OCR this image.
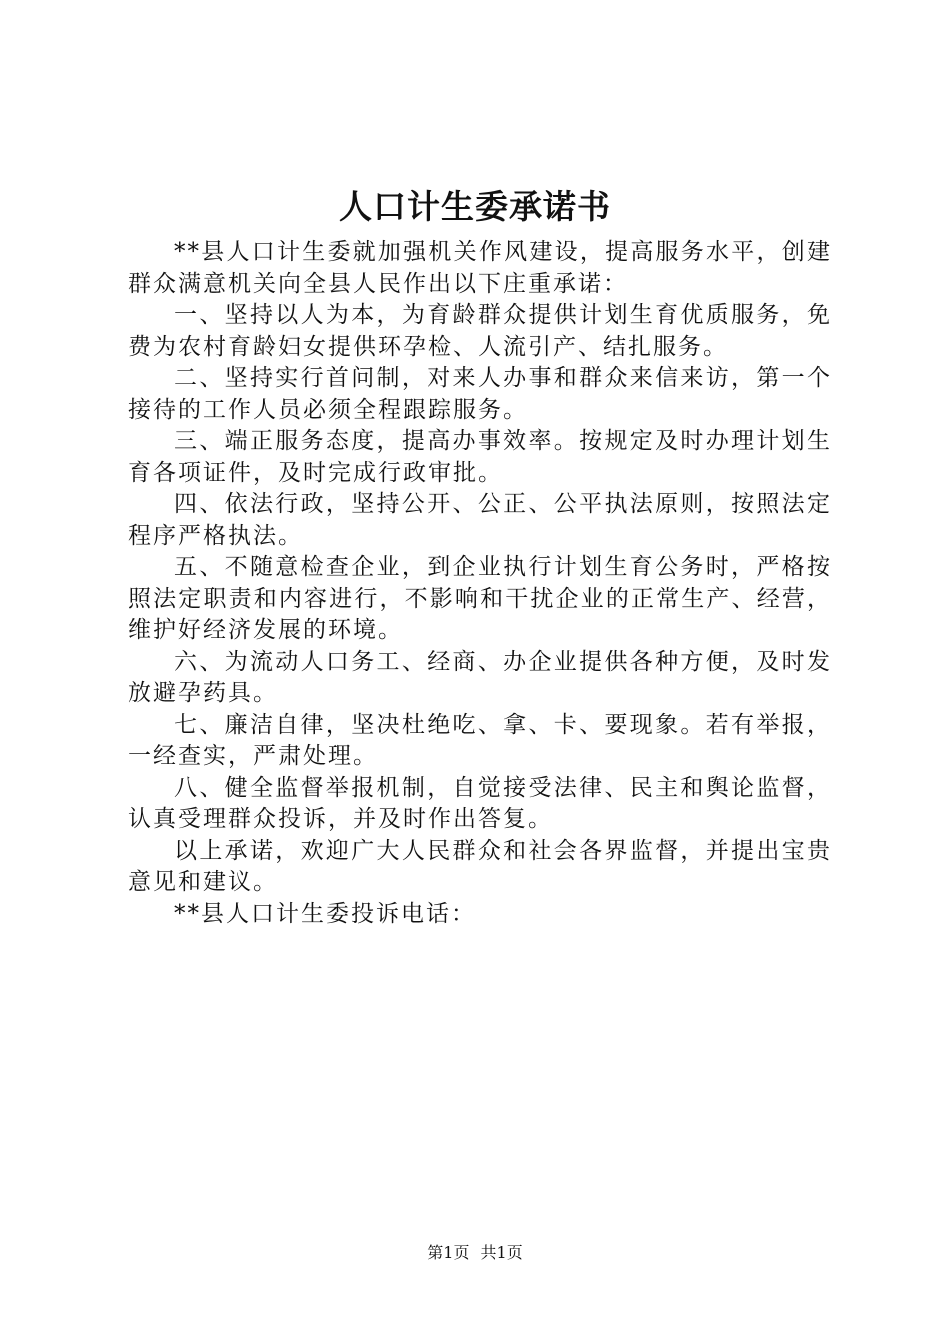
人口计生委承诺书

**县人口计生委就加强机关作风建设，提高服务水平，创建群众满意机关向全县人民作出以下庄重承诺：

一、坚持以人为本，为育龄群众提供计划生育优质服务，免费为农村育龄妇女提供环孕检、人流引产、结扎服务。

二、坚持实行首问制，对来人办事和群众来信来访，第一个接待的工作人员必须全程跟踪服务。

三、端正服务态度，提高办事效率。按规定及时办理计划生育各项证件，及时完成行政审批。

四、依法行政，坚持公开、公正、公平执法原则，按照法定程序严格执法。

五、不随意检查企业，到企业执行计划生育公务时，严格按照法定职责和内容进行，不影响和干扰企业的正常生产、经营，维护好经济发展的环境。

六、为流动人口务工、经商、办企业提供各种方便，及时发放避孕药具。

七、廉洁自律，坚决杜绝吃、拿、卡、要现象。若有举报，一经查实，严肃处理。

八、健全监督举报机制，自觉接受法律、民主和舆论监督，认真受理群众投诉，并及时作出答复。

以上承诺，欢迎广大人民群众和社会各界监督，并提出宝贵意见和建议。

**县人口计生委投诉电话：

第1页 共1页
